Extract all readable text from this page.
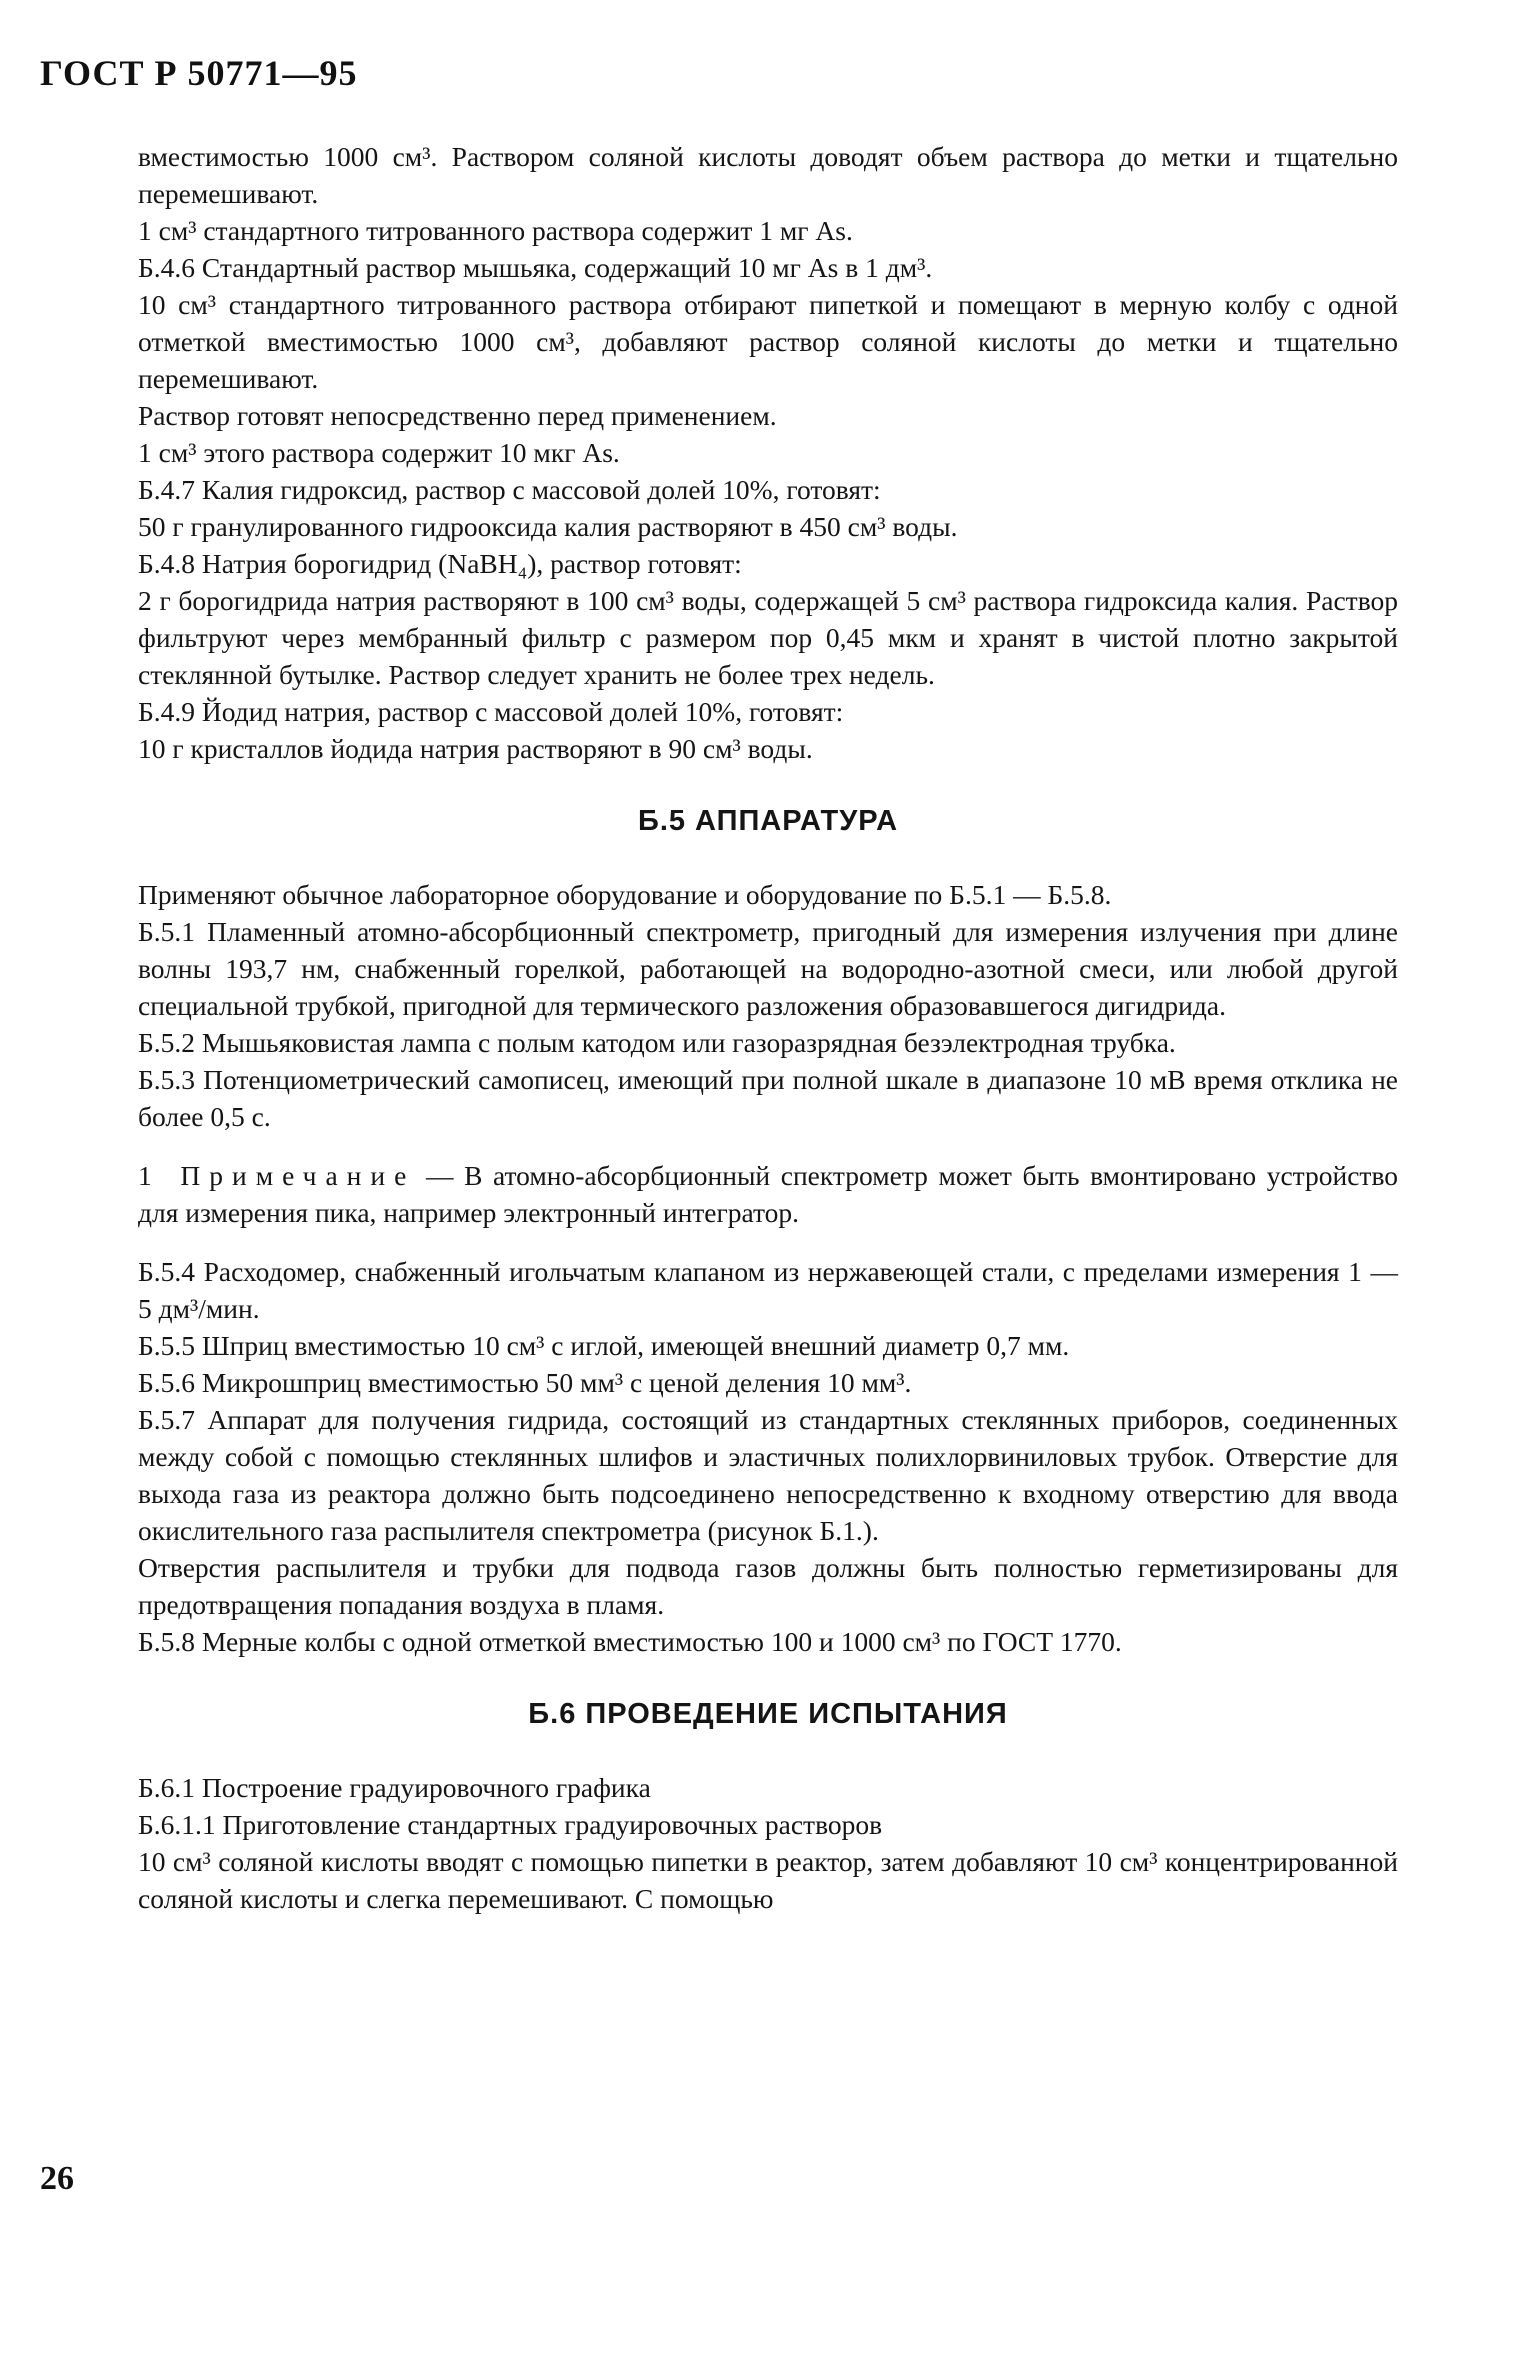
ГОСТ Р 50771—95

вместимостью 1000 см³. Раствором соляной кислоты доводят объем раствора до метки и тщательно перемешивают.

1 см³ стандартного титрованного раствора содержит 1 мг As.

Б.4.6 Стандартный раствор мышьяка, содержащий 10 мг As в 1 дм³.

10 см³ стандартного титрованного раствора отбирают пипеткой и помещают в мерную колбу с одной отметкой вместимостью 1000 см³, добавляют раствор соляной кислоты до метки и тщательно перемешивают.

Раствор готовят непосредственно перед применением.

1 см³ этого раствора содержит 10 мкг As.

Б.4.7 Калия гидроксид, раствор с массовой долей 10%, готовят:

50 г гранулированного гидрооксида калия растворяют в 450 см³ воды.

Б.4.8 Натрия борогидрид (NaBH₄), раствор готовят:

2 г борогидрида натрия растворяют в 100 см³ воды, содержащей 5 см³ раствора гидроксида калия. Раствор фильтруют через мембранный фильтр с размером пор 0,45 мкм и хранят в чистой плотно закрытой стеклянной бутылке. Раствор следует хранить не более трех недель.

Б.4.9 Йодид натрия, раствор с массовой долей 10%, готовят:

10 г кристаллов йодида натрия растворяют в 90 см³ воды.

Б.5 АППАРАТУРА

Применяют обычное лабораторное оборудование и оборудование по Б.5.1 — Б.5.8.

Б.5.1 Пламенный атомно-абсорбционный спектрометр, пригодный для измерения излучения при длине волны 193,7 нм, снабженный горелкой, работающей на водородно-азотной смеси, или любой другой специальной трубкой, пригодной для термического разложения образовавшегося дигидрида.

Б.5.2 Мышьяковистая лампа с полым катодом или газоразрядная безэлектродная трубка.

Б.5.3 Потенциометрический самописец, имеющий при полной шкале в диапазоне 10 мВ время отклика не более 0,5 с.

1 Примечание — В атомно-абсорбционный спектрометр может быть вмонтировано устройство для измерения пика, например электронный интегратор.

Б.5.4 Расходомер, снабженный игольчатым клапаном из нержавеющей стали, с пределами измерения 1 — 5 дм³/мин.

Б.5.5 Шприц вместимостью 10 см³ с иглой, имеющей внешний диаметр 0,7 мм.

Б.5.6 Микрошприц вместимостью 50 мм³ с ценой деления 10 мм³.

Б.5.7 Аппарат для получения гидрида, состоящий из стандартных стеклянных приборов, соединенных между собой с помощью стеклянных шлифов и эластичных полихлорвиниловых трубок. Отверстие для выхода газа из реактора должно быть подсоединено непосредственно к входному отверстию для ввода окислительного газа распылителя спектрометра (рисунок Б.1.).

Отверстия распылителя и трубки для подвода газов должны быть полностью герметизированы для предотвращения попадания воздуха в пламя.

Б.5.8 Мерные колбы с одной отметкой вместимостью 100 и 1000 см³ по ГОСТ 1770.

Б.6 ПРОВЕДЕНИЕ ИСПЫТАНИЯ

Б.6.1 Построение градуировочного графика

Б.6.1.1 Приготовление стандартных градуировочных растворов

10 см³ соляной кислоты вводят с помощью пипетки в реактор, затем добавляют 10 см³ концентрированной соляной кислоты и слегка перемешивают. С помощью

26
